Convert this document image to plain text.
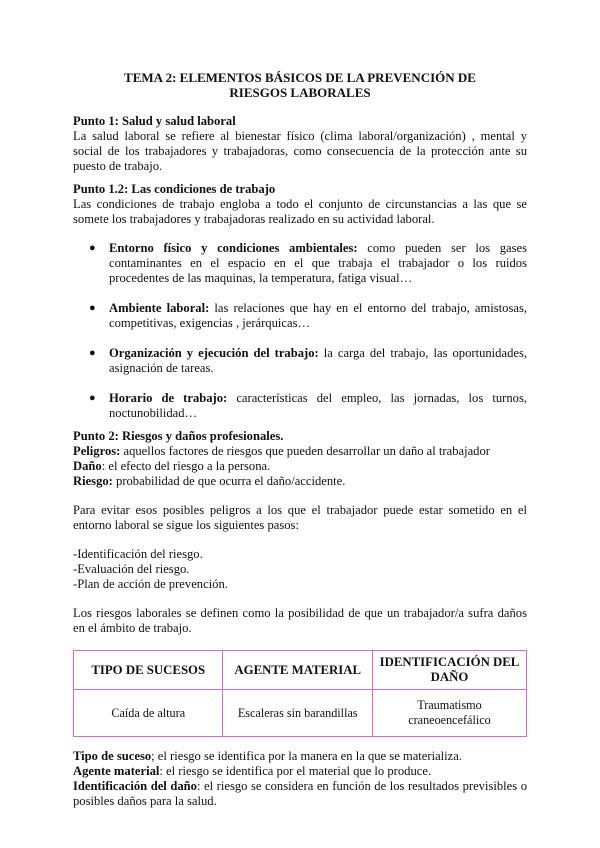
TEMA 2: ELEMENTOS BÁSICOS DE LA PREVENCIÓN DE RIESGOS LABORALES

Punto 1: Salud y salud laboral

La salud laboral se refiere al bienestar físico (clima laboral/organización) , mental y social de los trabajadores y trabajadoras, como consecuencia de la protección ante su puesto de trabajo.

Punto 1.2: Las condiciones de trabajo

Las condiciones de trabajo engloba a todo el conjunto de circunstancias a las que se somete los trabajadores y trabajadoras realizado en su actividad laboral.

● Entorno físico y condiciones ambientales: como pueden ser los gases contaminantes en el espacio en el que trabaja el trabajador o los ruidos procedentes de las maquinas, la temperatura, fatiga visual…
● Ambiente laboral: las relaciones que hay en el entorno del trabajo, amistosas, competitivas, exigencias , jerárquicas…
● Organización y ejecución del trabajo: la carga del trabajo, las oportunidades, asignación de tareas.
● Horario de trabajo: características del empleo, las jornadas, los turnos, noctunobilidad…

Punto 2: Riesgos y daños profesionales.

Peligros: aquellos factores de riesgos que pueden desarrollar un daño al trabajador

Daño: el efecto del riesgo a la persona.

Riesgo: probabilidad de que ocurra el daño/accidente.

Para evitar esos posibles peligros a los que el trabajador puede estar sometido en el entorno laboral se sigue los siguientes pasos:

-Identificación del riesgo.

-Evaluación del riesgo.

-Plan de acción de prevención.

Los riesgos laborales se definen como la posibilidad de que un trabajador/a sufra daños en el ámbito de trabajo.

TIPO DE SUCESOS	AGENTE MATERIAL	IDENTIFICACIÓN DEL DAÑO
Caída de altura	Escaleras sin barandillas	Traumatismo craneoencefálico

Tipo de suceso; el riesgo se identifica por la manera en la que se materializa.

Agente material: el riesgo se identifica por el material que lo produce.

Identificación del daño: el riesgo se considera en función de los resultados previsibles o posibles daños para la salud.
